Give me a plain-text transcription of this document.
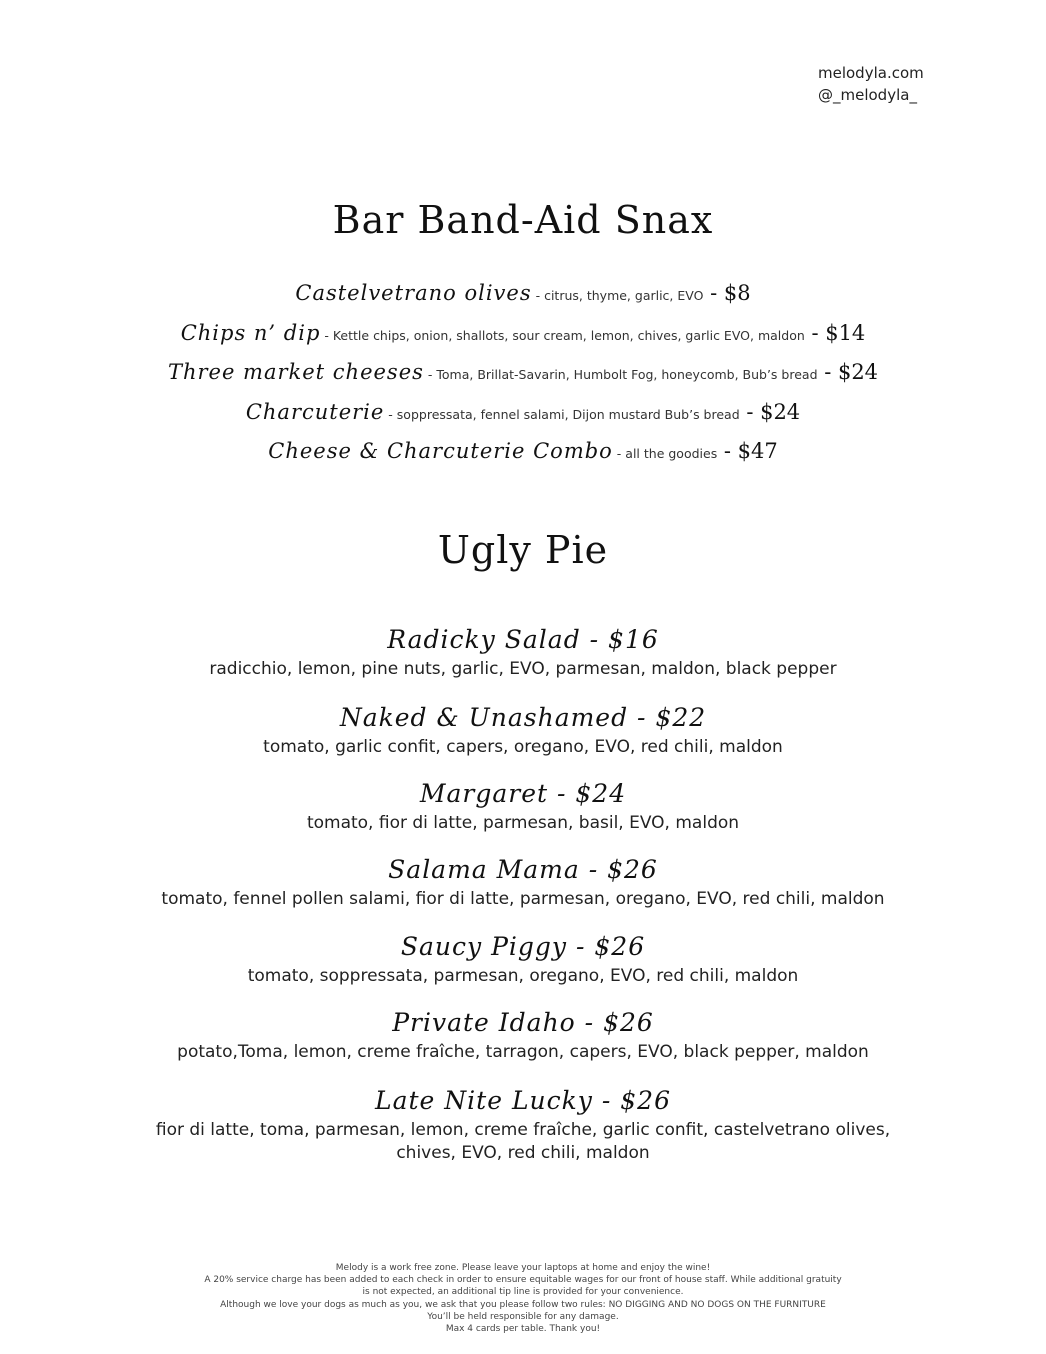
melodyla.com
@_melodyla_
Bar Band-Aid Snax
Castelvetrano olives - citrus, thyme, garlic, EVO - $8
Chips n’ dip - Kettle chips, onion, shallots, sour cream, lemon, chives, garlic EVO, maldon - $14
Three market cheeses - Toma, Brillat-Savarin, Humbolt Fog, honeycomb, Bub’s bread - $24
Charcuterie - soppressata, fennel salami, Dijon mustard Bub’s bread - $24
Cheese & Charcuterie Combo - all the goodies - $47
Ugly Pie
Radicky Salad - $16
radicchio, lemon, pine nuts, garlic, EVO, parmesan, maldon, black pepper
Naked & Unashamed - $22
tomato, garlic confit, capers, oregano, EVO, red chili, maldon
Margaret - $24
tomato, fior di latte, parmesan, basil, EVO, maldon
Salama Mama - $26
tomato, fennel pollen salami, fior di latte, parmesan, oregano, EVO, red chili, maldon
Saucy Piggy - $26
tomato, soppressata, parmesan, oregano, EVO, red chili, maldon
Private Idaho - $26
potato,Toma, lemon, creme fraîche, tarragon, capers, EVO, black pepper, maldon
Late Nite Lucky - $26
fior di latte, toma, parmesan, lemon, creme fraîche, garlic confit, castelvetrano olives, chives, EVO, red chili, maldon
Melody is a work free zone. Please leave your laptops at home and enjoy the wine!
A 20% service charge has been added to each check in order to ensure equitable wages for our front of house staff. While additional gratuity
is not expected, an additional tip line is provided for your convenience.
Although we love your dogs as much as you, we ask that you please follow two rules: NO DIGGING AND NO DOGS ON THE FURNITURE
You’ll be held responsible for any damage.
Max 4 cards per table. Thank you!
